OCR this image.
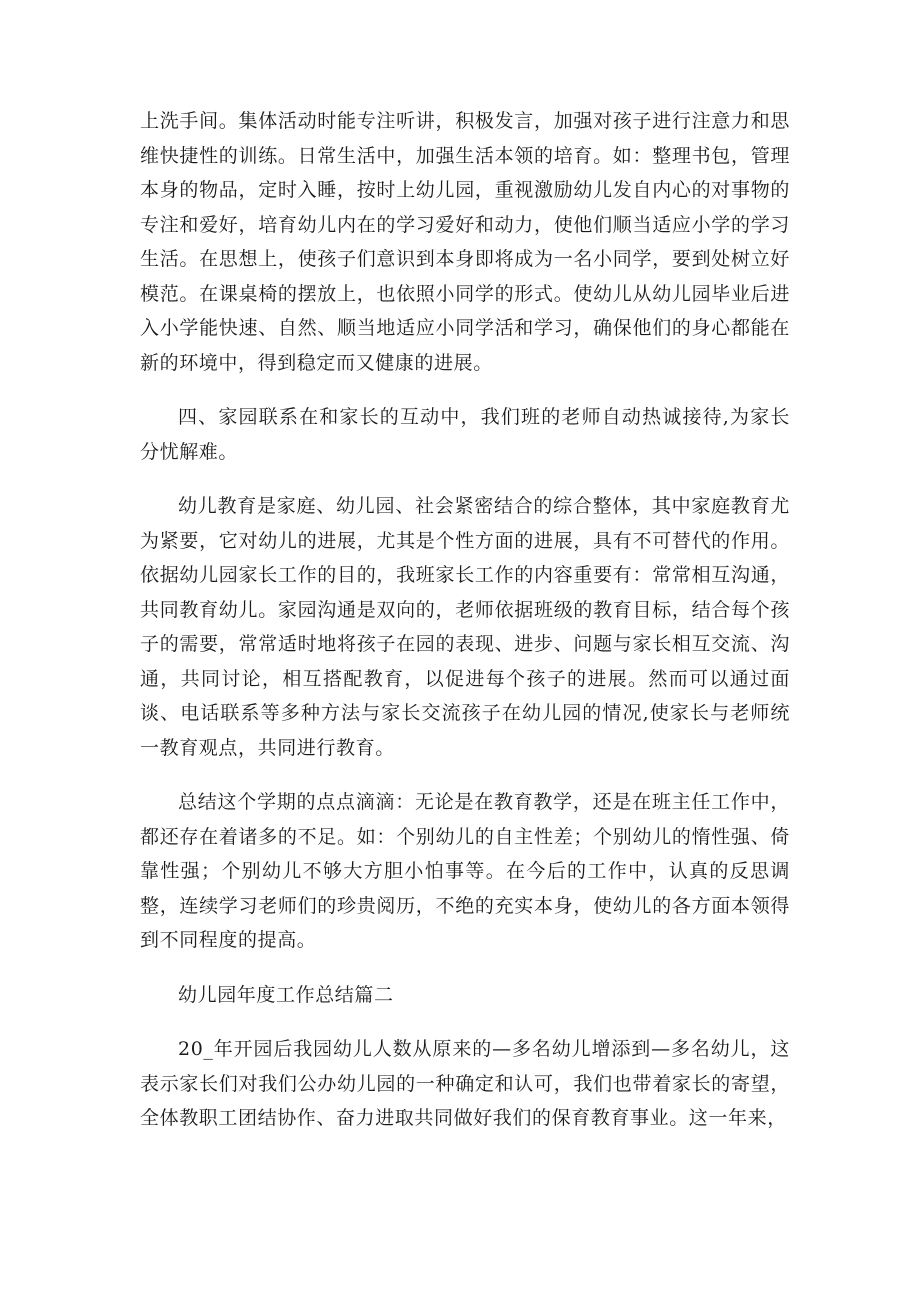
上洗手间。集体活动时能专注听讲，积极发言，加强对孩子进行注意力和思维快捷性的训练。日常生活中，加强生活本领的培育。如：整理书包，管理本身的物品，定时入睡，按时上幼儿园，重视激励幼儿发自内心的对事物的专注和爱好，培育幼儿内在的学习爱好和动力，使他们顺当适应小学的学习生活。在思想上，使孩子们意识到本身即将成为一名小同学，要到处树立好模范。在课桌椅的摆放上，也依照小同学的形式。使幼儿从幼儿园毕业后进入小学能快速、自然、顺当地适应小同学活和学习，确保他们的身心都能在新的环境中，得到稳定而又健康的进展。

四、家园联系在和家长的互动中，我们班的老师自动热诚接待,为家长分忧解难。

幼儿教育是家庭、幼儿园、社会紧密结合的综合整体，其中家庭教育尤为紧要，它对幼儿的进展，尤其是个性方面的进展，具有不可替代的作用。依据幼儿园家长工作的目的，我班家长工作的内容重要有：常常相互沟通，共同教育幼儿。家园沟通是双向的，老师依据班级的教育目标，结合每个孩子的需要，常常适时地将孩子在园的表现、进步、问题与家长相互交流、沟通，共同讨论，相互搭配教育，以促进每个孩子的进展。然而可以通过面谈、电话联系等多种方法与家长交流孩子在幼儿园的情况,使家长与老师统一教育观点，共同进行教育。

总结这个学期的点点滴滴：无论是在教育教学，还是在班主任工作中，都还存在着诸多的不足。如：个别幼儿的自主性差；个别幼儿的惰性强、倚靠性强；个别幼儿不够大方胆小怕事等。在今后的工作中，认真的反思调整，连续学习老师们的珍贵阅历，不绝的充实本身，使幼儿的各方面本领得到不同程度的提高。

幼儿园年度工作总结篇二

20_年开园后我园幼儿人数从原来的—多名幼儿增添到—多名幼儿，这表示家长们对我们公办幼儿园的一种确定和认可，我们也带着家长的寄望，全体教职工团结协作、奋力进取共同做好我们的保育教育事业。这一年来，
